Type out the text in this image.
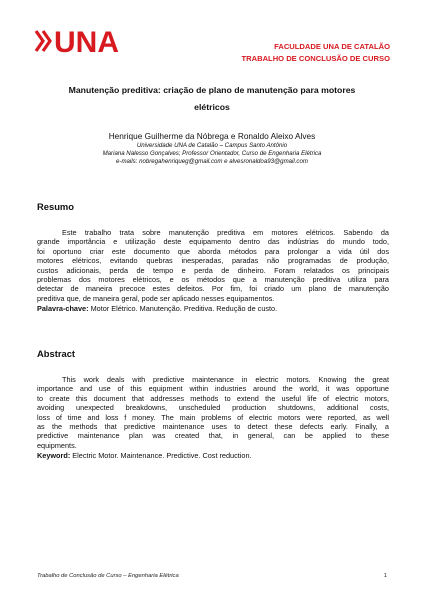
UNA	FACULDADE UNA DE CATALÃO
TRABALHO DE CONCLUSÃO DE CURSO
Manutenção preditiva: criação de plano de manutenção para motores
elétricos
Henrique Guilherme da Nóbrega e Ronaldo Aleixo Alves
Universidade UNA de Catalão – Campus Santo Antônio
Mariana Nalesso Gonçalves; Professor Orientador, Curso de Engenharia Elétrica
e-mails: nobregahenriqueg@gmail.com e alvesronaldoa93@gmail.com
Resumo
Este trabalho trata sobre manutenção preditiva em motores elétricos. Sabendo da
grande importância e utilização deste equipamento dentro das indústrias do mundo todo,
foi oportuno criar este documento que aborda métodos para prolongar a vida útil dos
motores elétricos, evitando quebras inesperadas, paradas não programadas de produção,
custos adicionais, perda de tempo e perda de dinheiro. Foram relatados os principais
problemas dos motores elétricos, e os métodos que a manutenção preditiva utiliza para
detectar de maneira precoce estes defeitos. Por fim, foi criado um plano de manutenção
preditiva que, de maneira geral, pode ser aplicado nesses equipamentos.
Palavra-chave: Motor Elétrico. Manutenção. Preditiva. Redução de custo.
Abstract
This work deals with predictive maintenance in electric motors. Knowing the great
importance and use of this equipment within industries around the world, it was opportune
to create this document that addresses methods to extend the useful life of electric motors,
avoiding unexpected breakdowns, unscheduled production shutdowns, additional costs,
loss of time and loss f money. The main problems of electric motors were reported, as well
as the methods that predictive maintenance uses to detect these defects early. Finally, a
predictive maintenance plan was created that, in general, can be applied to these
equipments.
Keyword: Electric Motor. Maintenance. Predictive. Cost reduction.
Trabalho de Conclusão de Curso – Engenharia Elétrica	1
